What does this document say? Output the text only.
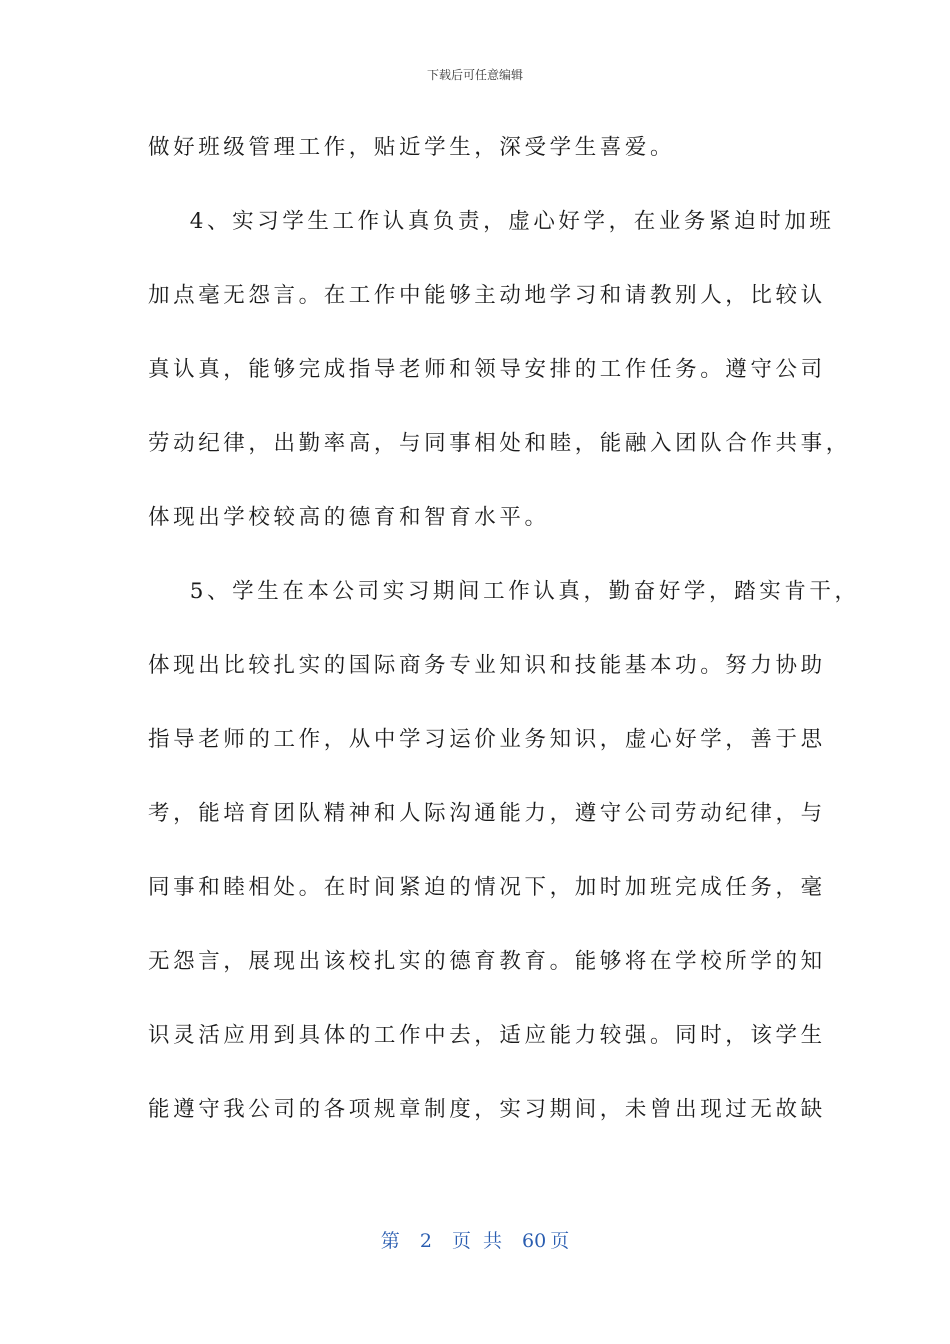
下载后可任意编辑
做好班级管理工作，贴近学生，深受学生喜爱。
4、实习学生工作认真负责，虚心好学，在业务紧迫时加班
加点毫无怨言。在工作中能够主动地学习和请教别人，比较认
真认真，能够完成指导老师和领导安排的工作任务。遵守公司
劳动纪律，出勤率高，与同事相处和睦，能融入团队合作共事，
体现出学校较高的德育和智育水平。
5、学生在本公司实习期间工作认真，勤奋好学，踏实肯干，
体现出比较扎实的国际商务专业知识和技能基本功。努力协助
指导老师的工作，从中学习运价业务知识，虚心好学，善于思
考，能培育团队精神和人际沟通能力，遵守公司劳动纪律，与
同事和睦相处。在时间紧迫的情况下，加时加班完成任务，毫
无怨言，展现出该校扎实的德育教育。能够将在学校所学的知
识灵活应用到具体的工作中去，适应能力较强。同时，该学生
能遵守我公司的各项规章制度，实习期间，未曾出现过无故缺
第 2 页 共 60 页
